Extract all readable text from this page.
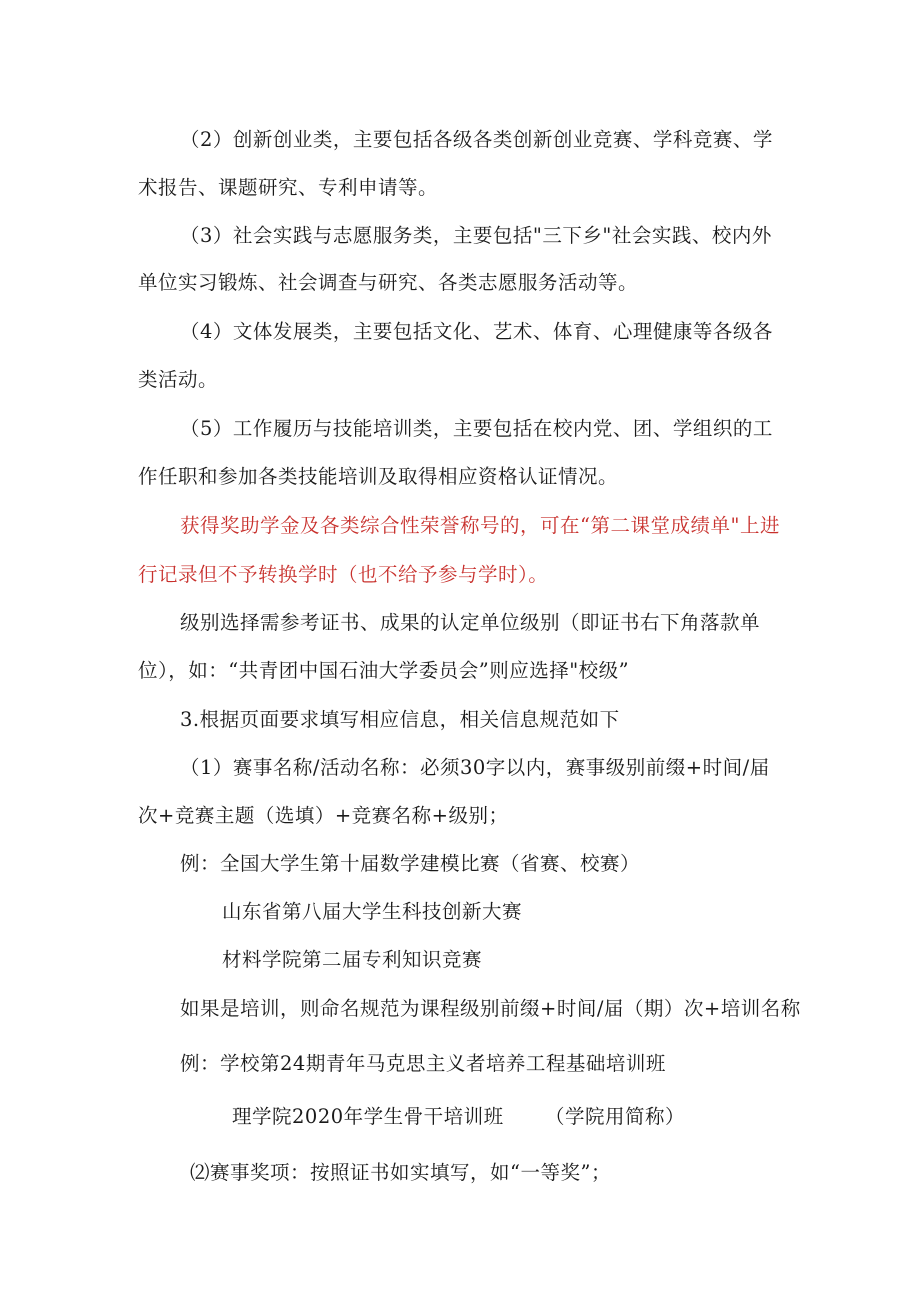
（2）创新创业类，主要包括各级各类创新创业竞赛、学科竞赛、学
术报告、课题研究、专利申请等。
（3）社会实践与志愿服务类，主要包括"三下乡"社会实践、校内外
单位实习锻炼、社会调查与研究、各类志愿服务活动等。
（4）文体发展类，主要包括文化、艺术、体育、心理健康等各级各
类活动。
（5）工作履历与技能培训类，主要包括在校内党、团、学组织的工
作任职和参加各类技能培训及取得相应资格认证情况。
获得奖助学金及各类综合性荣誉称号的，可在“第二课堂成绩单"上进
行记录但不予转换学时（也不给予参与学时）。
级别选择需参考证书、成果的认定单位级别（即证书右下角落款单
位），如：“共青团中国石油大学委员会”则应选择"校级”
3.根据页面要求填写相应信息，相关信息规范如下
（1）赛事名称/活动名称：必须30字以内，赛事级别前缀+时间/届
次+竞赛主题（选填）+竞赛名称+级别；
例：全国大学生第十届数学建模比赛（省赛、校赛）
山东省第八届大学生科技创新大赛
材料学院第二届专利知识竞赛
如果是培训，则命名规范为课程级别前缀+时间/届（期）次+培训名称
例：学校第24期青年马克思主义者培养工程基础培训班
理学院2020年学生骨干培训班 （学院用简称）
⑵赛事奖项：按照证书如实填写，如“一等奖”；
